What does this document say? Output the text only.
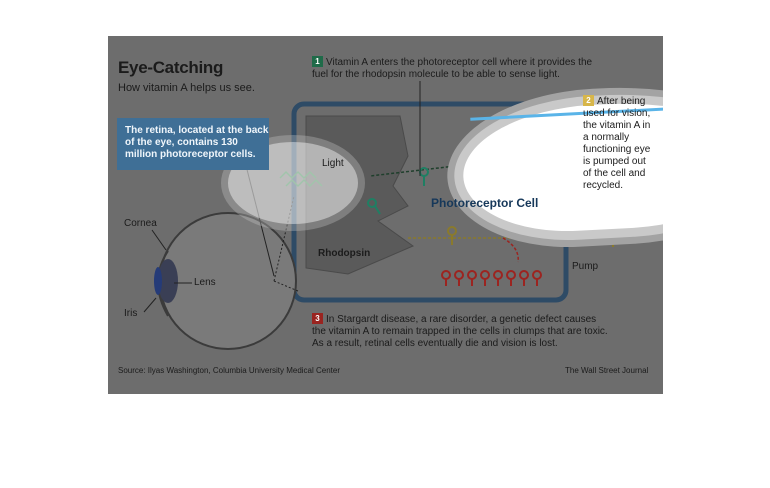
Eye-Catching
How vitamin A helps us see.
The retina, located at the back of the eye, contains 130 million photoreceptor cells.
Light
Cornea
Lens
Iris
Rhodopsin
Photoreceptor Cell
Pump
1 Vitamin A enters the photoreceptor cell where it provides the fuel for the rhodopsin molecule to be able to sense light.
2 After being used for vision, the vitamin A in a normally functioning eye is pumped out of the cell and recycled.
3 In Stargardt disease, a rare disorder, a genetic defect causes the vitamin A to remain trapped in the cells in clumps that are toxic. As a result, retinal cells eventually die and vision is lost.
Source: Ilyas Washington, Columbia University Medical Center	The Wall Street Journal
